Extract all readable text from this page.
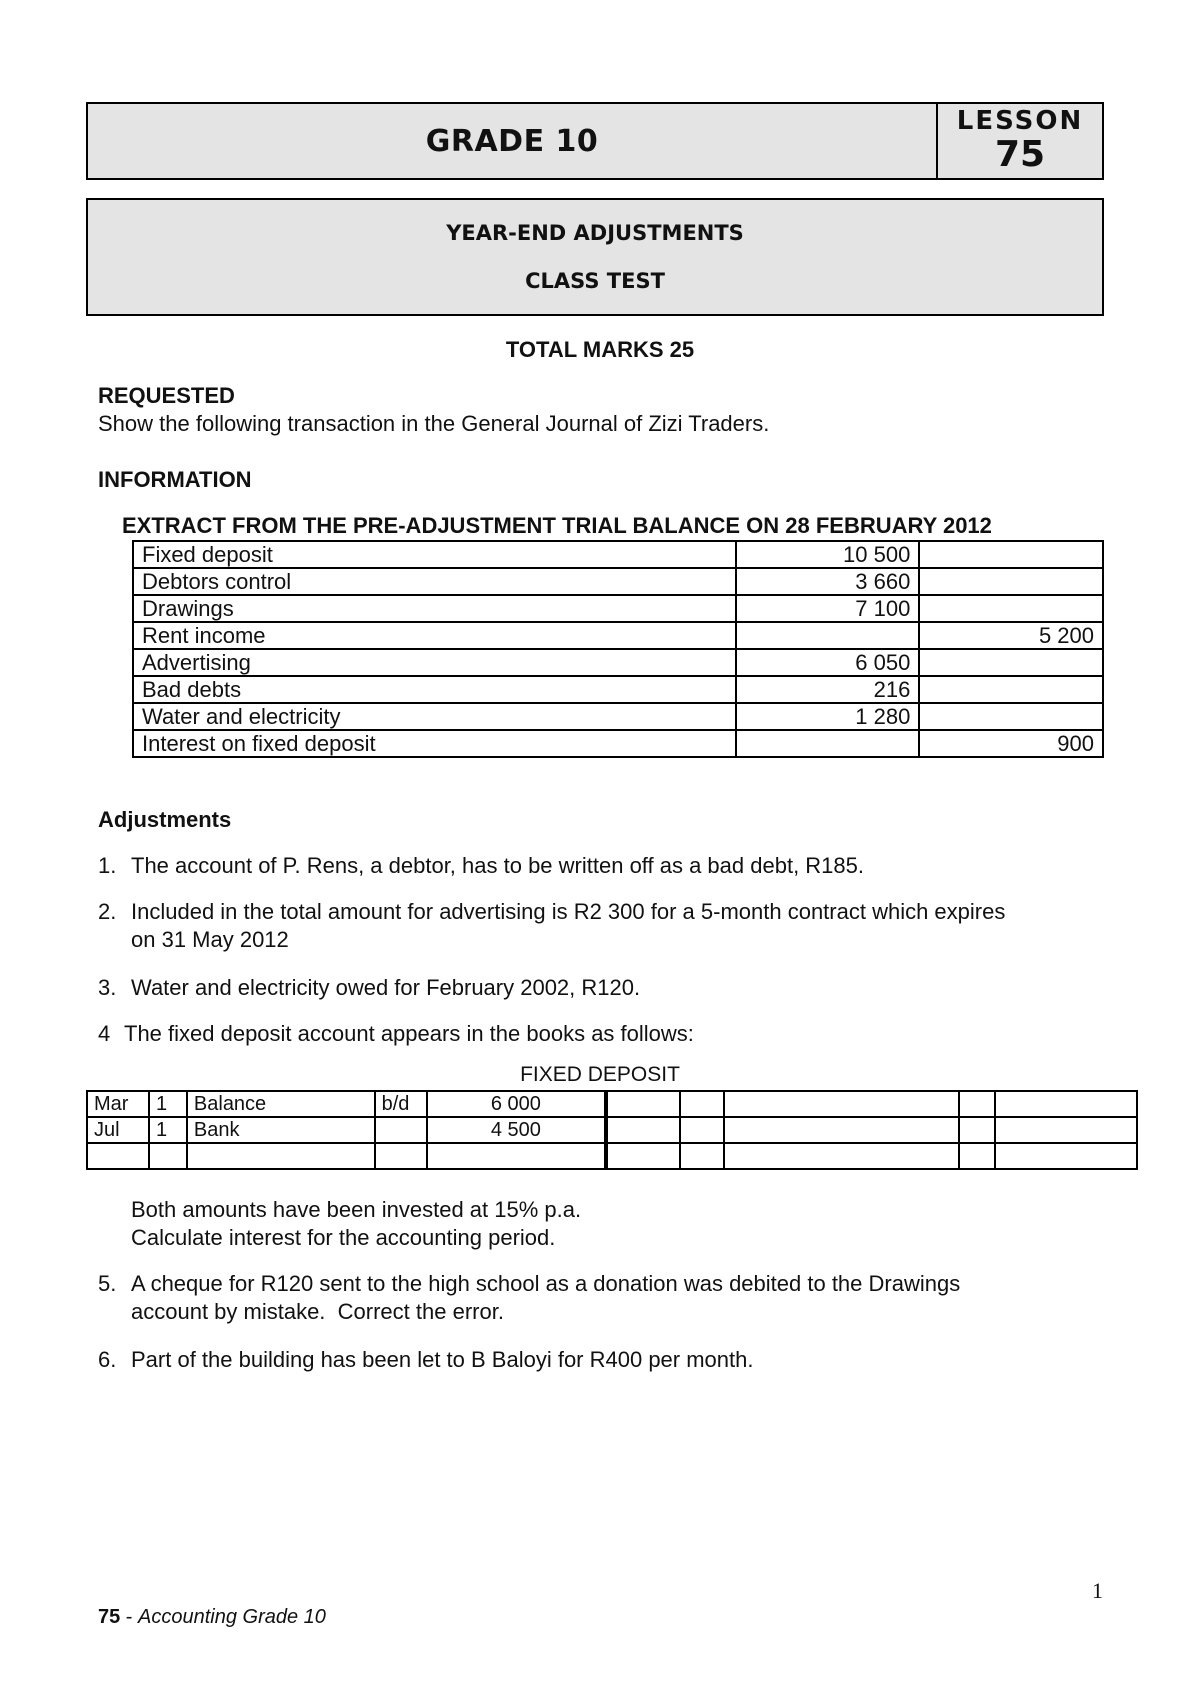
GRADE 10
LESSON
75
YEAR-END ADJUSTMENTS
CLASS TEST
TOTAL MARKS 25
REQUESTED
Show the following transaction in the General Journal of Zizi Traders.
INFORMATION
EXTRACT FROM THE PRE-ADJUSTMENT TRIAL BALANCE ON 28 FEBRUARY 2012
Fixed deposit	10 500	
Debtors control	3 660	
Drawings	7 100	
Rent income		5 200
Advertising	6 050	
Bad debts	216	
Water and electricity	1 280	
Interest on fixed deposit		900
Adjustments
1. The account of P. Rens, a debtor, has to be written off as a bad debt, R185.
2. Included in the total amount for advertising is R2 300 for a 5-month contract which expires
on 31 May 2012
3. Water and electricity owed for February 2002, R120.
4 The fixed deposit account appears in the books as follows:
FIXED DEPOSIT
Mar	1	Balance	b/d	6 000					
Jul	1	Bank		4 500					

Both amounts have been invested at 15% p.a.
Calculate interest for the accounting period.
5. A cheque for R120 sent to the high school as a donation was debited to the Drawings
account by mistake.  Correct the error.
6. Part of the building has been let to B Baloyi for R400 per month.
1
75 - Accounting Grade 10
